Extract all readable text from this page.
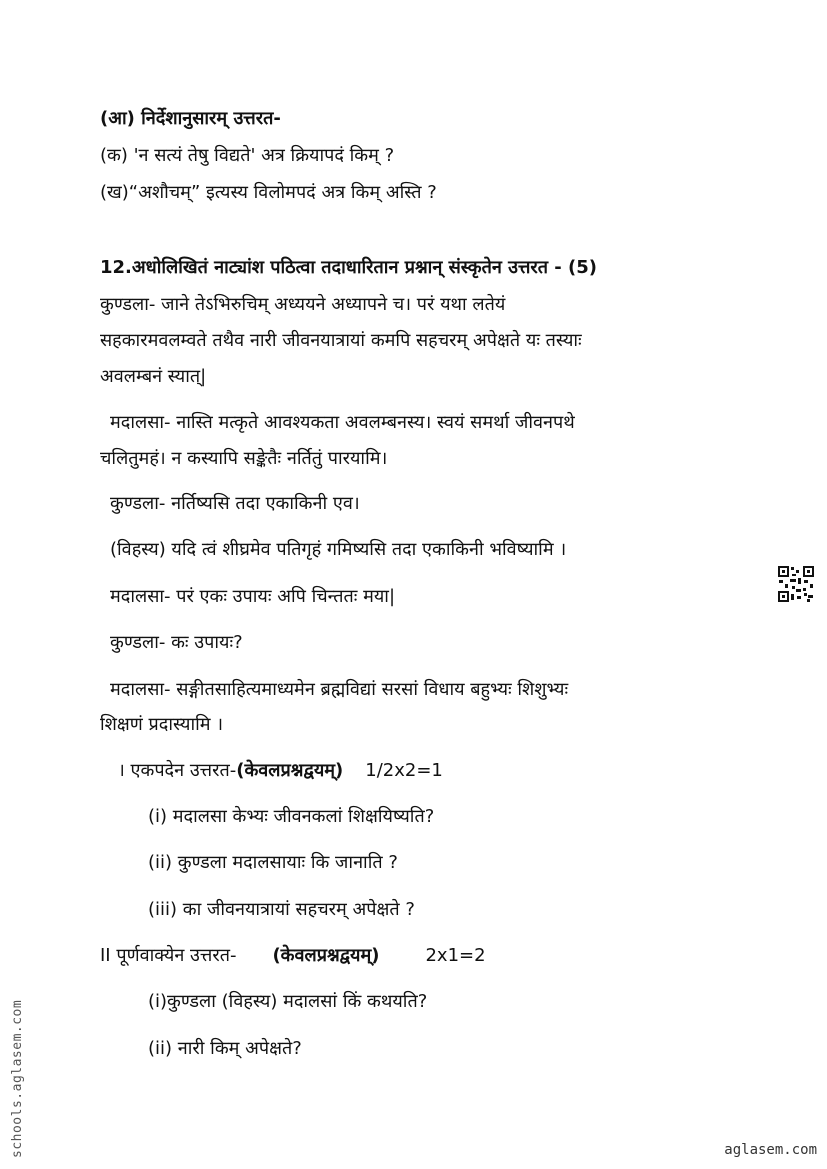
(आ) निर्देशानुसारम् उत्तरत-
(क) 'न सत्यं तेषु विद्यते' अत्र क्रियापदं किम् ?
(ख)“अशौचम्” इत्यस्य विलोमपदं अत्र किम् अस्ति ?
12.अधोलिखितं नाट्यांश पठित्वा तदाधारितान प्रश्नान् संस्कृतेन उत्तरत - (5)
कुण्डला- जाने तेऽभिरुचिम् अध्ययने अध्यापने च। परं यथा लतेयं
सहकारमवलम्वते तथैव नारी जीवनयात्रायां कमपि सहचरम् अपेक्षते यः तस्याः
अवलम्बनं स्यात्|
मदालसा- नास्ति मत्कृते आवश्यकता अवलम्बनस्य। स्वयं समर्था जीवनपथे
चलितुमहं। न कस्यापि सङ्केतैः नर्तितुं पारयामि।
कुण्डला- नर्तिष्यसि तदा एकाकिनी एव।
(विहस्य) यदि त्वं शीघ्रमेव पतिगृहं गमिष्यसि तदा एकाकिनी भविष्यामि ।
मदालसा- परं एकः उपायः अपि चिन्ततः मया|
कुण्डला- कः उपायः?
मदालसा- सङ्गीतसाहित्यमाध्यमेन ब्रह्मविद्यां सरसां विधाय बहुभ्यः शिशुभ्यः
शिक्षणं प्रदास्यामि ।
। एकपदेन उत्तरत-(केवलप्रश्नद्वयम्) 1/2x2=1
(i) मदालसा केभ्यः जीवनकलां शिक्षयिष्यति?
(ii) कुण्डला मदालसायाः कि जानाति ?
(iii) का जीवनयात्रायां सहचरम् अपेक्षते ?
II पूर्णवाक्येन उत्तरत- (केवलप्रश्नद्वयम्)	2x1=2
(i)कुण्डला (विहस्य) मदालसां किं कथयति?
(ii) नारी किम् अपेक्षते?
schools.aglasem.com	aglasem.com
